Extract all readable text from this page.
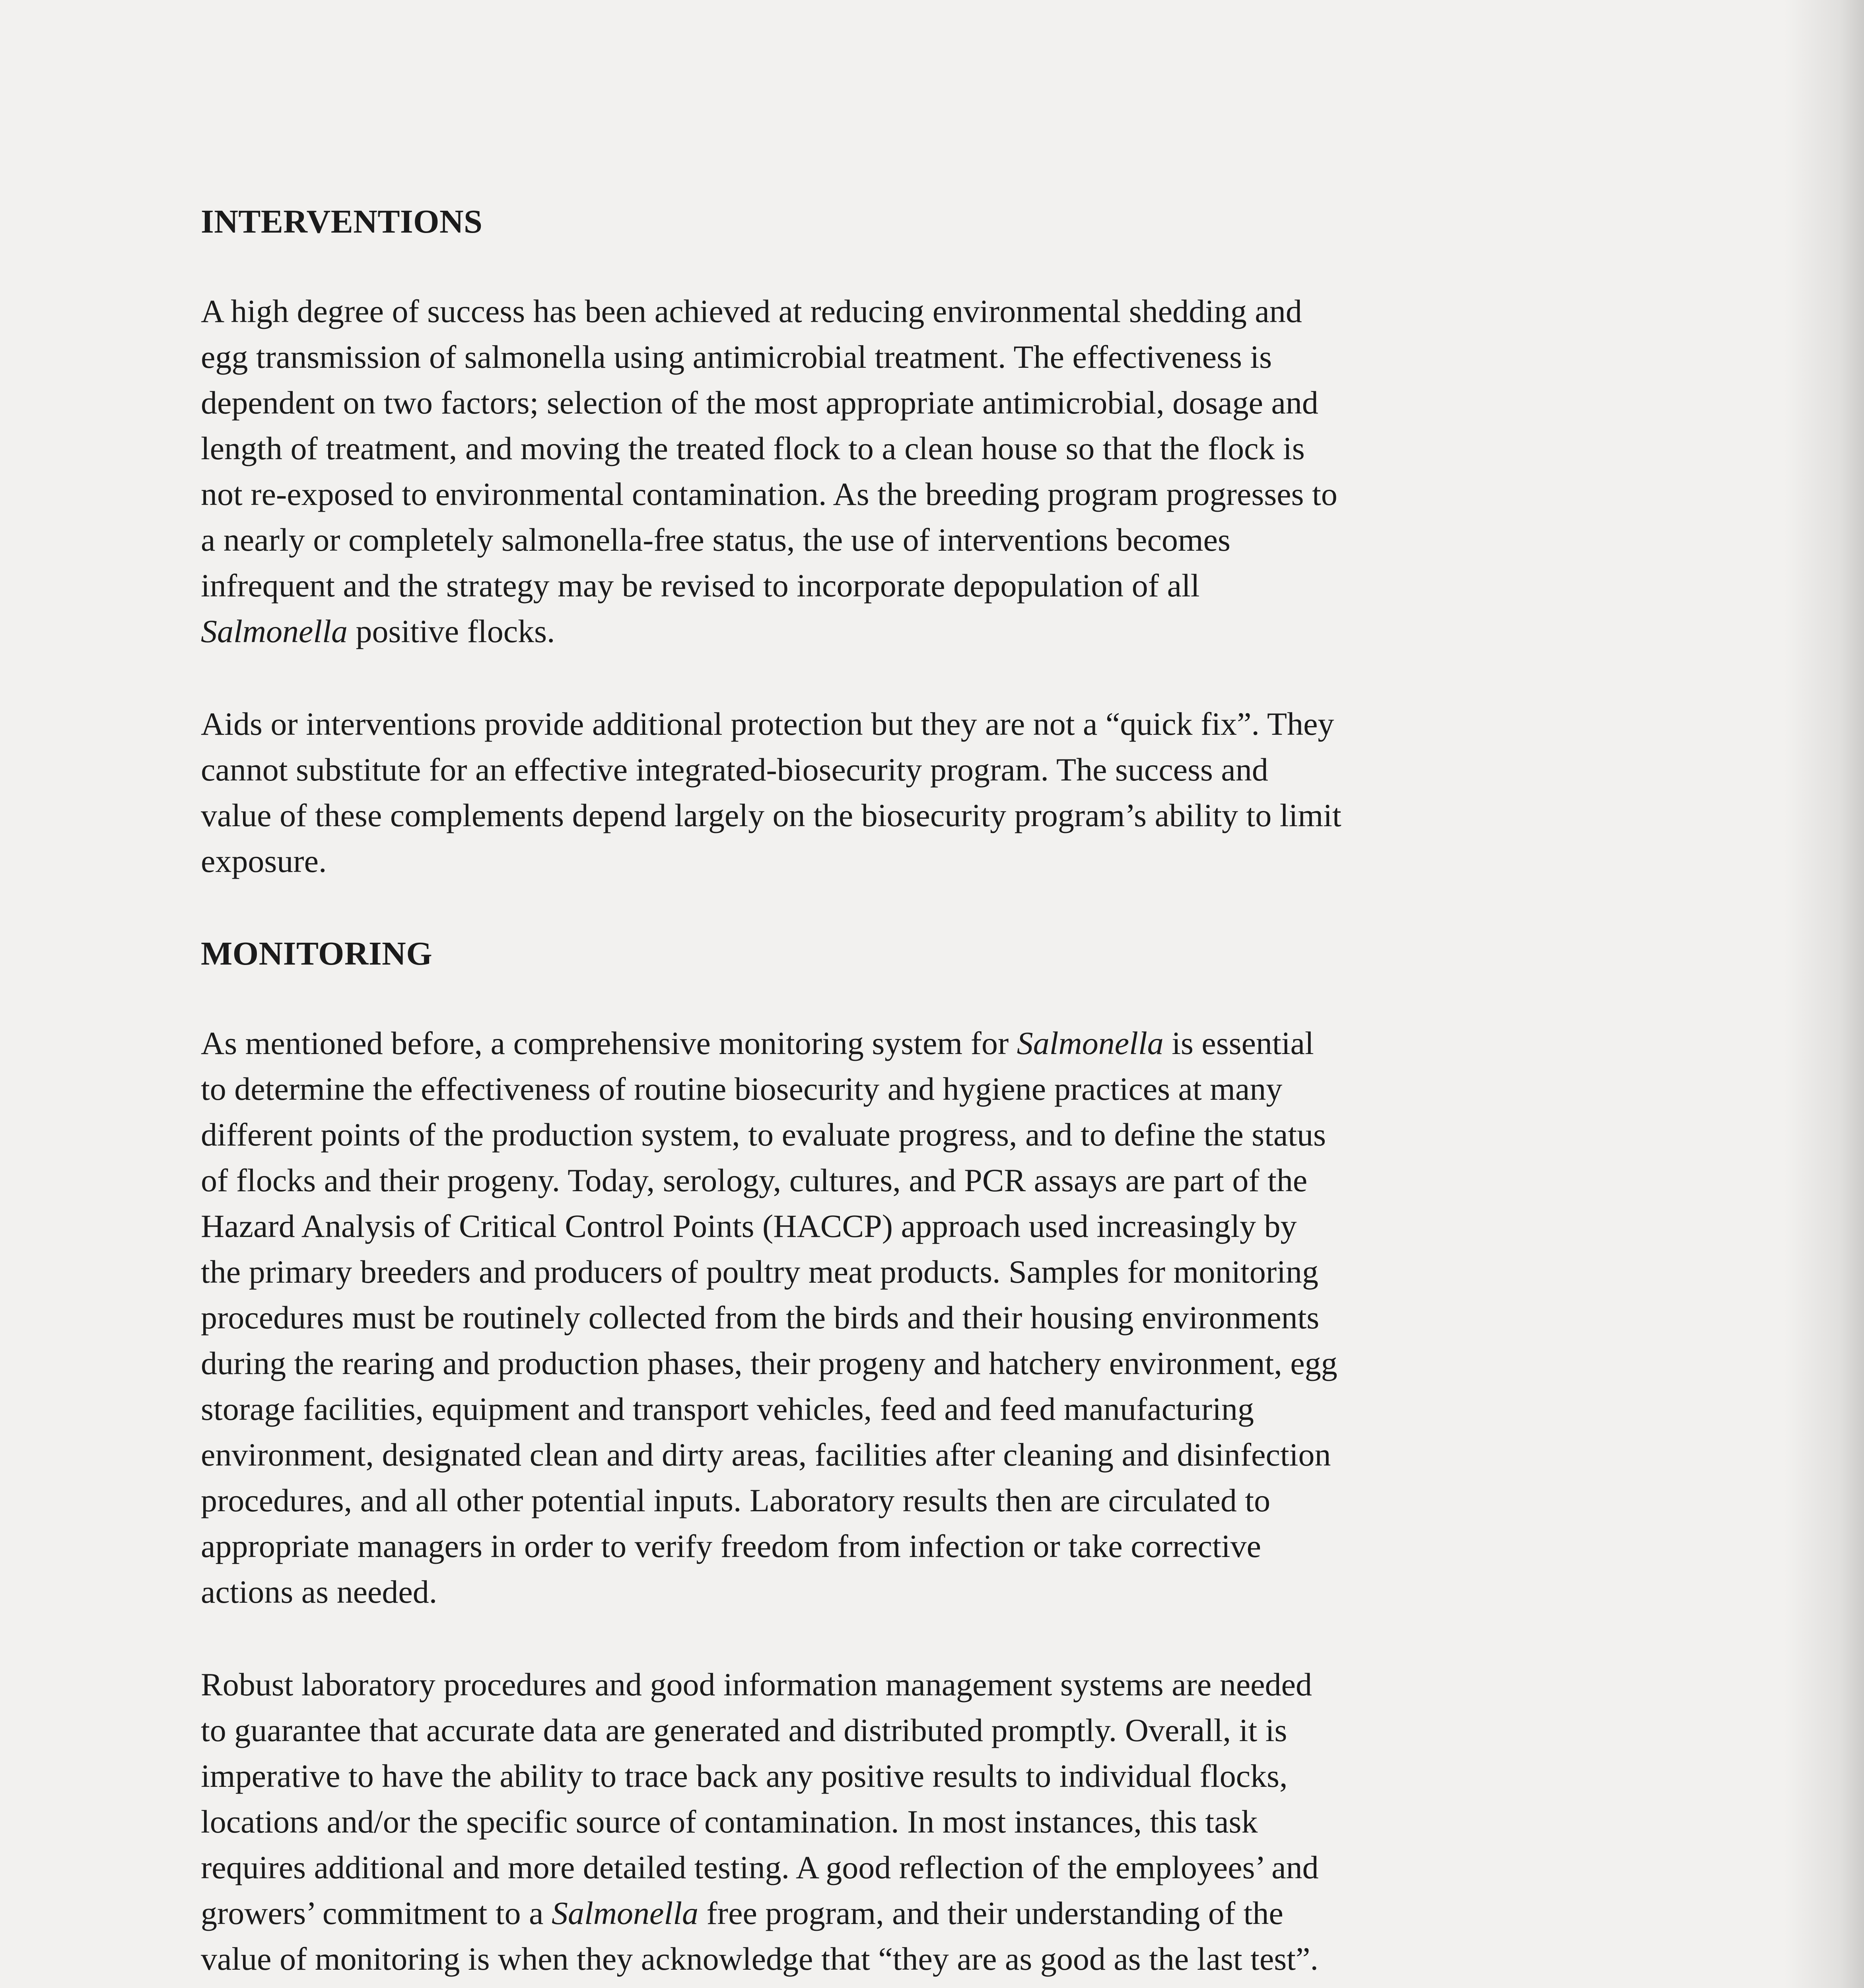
INTERVENTIONS
A high degree of success has been achieved at reducing environmental shedding and
egg transmission of salmonella using antimicrobial treatment. The effectiveness is
dependent on two factors; selection of the most appropriate antimicrobial, dosage and
length of treatment, and moving the treated flock to a clean house so that the flock is
not re-exposed to environmental contamination. As the breeding program progresses to
a nearly or completely salmonella-free status, the use of interventions becomes
infrequent and the strategy may be revised to incorporate depopulation of all
Salmonella positive flocks.
Aids or interventions provide additional protection but they are not a “quick fix”. They
cannot substitute for an effective integrated-biosecurity program. The success and
value of these complements depend largely on the biosecurity program’s ability to limit
exposure.
MONITORING
As mentioned before, a comprehensive monitoring system for Salmonella is essential
to determine the effectiveness of routine biosecurity and hygiene practices at many
different points of the production system, to evaluate progress, and to define the status
of flocks and their progeny. Today, serology, cultures, and PCR assays are part of the
Hazard Analysis of Critical Control Points (HACCP) approach used increasingly by
the primary breeders and producers of poultry meat products. Samples for monitoring
procedures must be routinely collected from the birds and their housing environments
during the rearing and production phases, their progeny and hatchery environment, egg
storage facilities, equipment and transport vehicles, feed and feed manufacturing
environment, designated clean and dirty areas, facilities after cleaning and disinfection
procedures, and all other potential inputs. Laboratory results then are circulated to
appropriate managers in order to verify freedom from infection or take corrective
actions as needed.
Robust laboratory procedures and good information management systems are needed
to guarantee that accurate data are generated and distributed promptly. Overall, it is
imperative to have the ability to trace back any positive results to individual flocks,
locations and/or the specific source of contamination. In most instances, this task
requires additional and more detailed testing. A good reflection of the employees’ and
growers’ commitment to a Salmonella free program, and their understanding of the
value of monitoring is when they acknowledge that “they are as good as the last test”.
